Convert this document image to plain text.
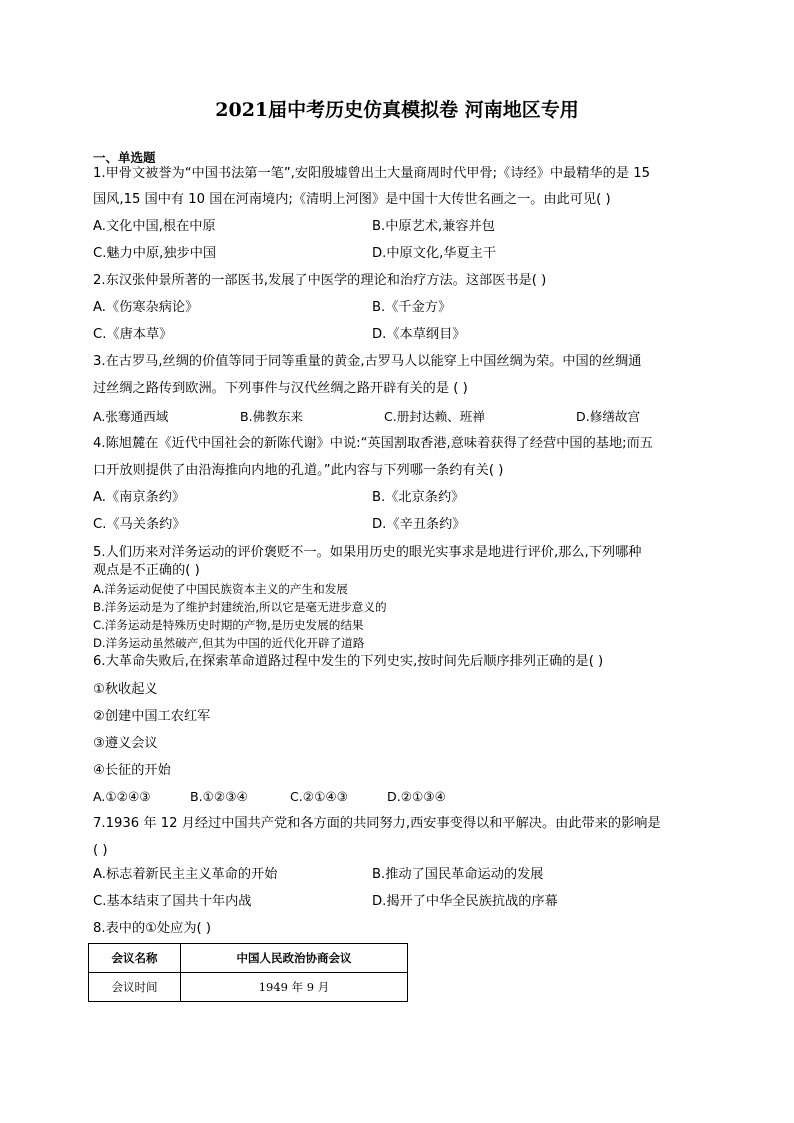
2021届中考历史仿真模拟卷 河南地区专用
一、单选题
1.甲骨文被誉为“中国书法第一笔”,安阳殷墟曾出土大量商周时代甲骨;《诗经》中最精华的是 15
国风,15 国中有 10 国在河南境内;《清明上河图》是中国十大传世名画之一。由此可见( )
A.文化中国,根在中原	B.中原艺术,兼容并包
C.魅力中原,独步中国	D.中原文化,华夏主干
2.东汉张仲景所著的一部医书,发展了中医学的理论和治疗方法。这部医书是( )
A.《伤寒杂病论》	B.《千金方》
C.《唐本草》	D.《本草纲目》
3.在古罗马,丝绸的价值等同于同等重量的黄金,古罗马人以能穿上中国丝绸为荣。中国的丝绸通
过丝绸之路传到欧洲。下列事件与汉代丝绸之路开辟有关的是 ( )
A.张骞通西域	B.佛教东来	C.册封达赖、班禅	D.修缮故宫
4.陈旭麓在《近代中国社会的新陈代谢》中说:“英国割取香港,意味着获得了经营中国的基地;而五
口开放则提供了由沿海推向内地的孔道。”此内容与下列哪一条约有关( )
A.《南京条约》	B.《北京条约》
C.《马关条约》	D.《辛丑条约》
5.人们历来对洋务运动的评价褒贬不一。如果用历史的眼光实事求是地进行评价,那么,下列哪种
观点是不正确的( )
A.洋务运动促使了中国民族资本主义的产生和发展
B.洋务运动是为了维护封建统治,所以它是毫无进步意义的
C.洋务运动是特殊历史时期的产物,是历史发展的结果
D.洋务运动虽然破产,但其为中国的近代化开辟了道路
6.大革命失败后,在探索革命道路过程中发生的下列史实,按时间先后顺序排列正确的是( )
①秋收起义
②创建中国工农红军
③遵义会议
④长征的开始
A.①②④③	B.①②③④	C.②①④③	D.②①③④
7.1936 年 12 月经过中国共产党和各方面的共同努力,西安事变得以和平解决。由此带来的影响是
( )
A.标志着新民主主义革命的开始	B.推动了国民革命运动的发展
C.基本结束了国共十年内战	D.揭开了中华全民族抗战的序幕
8.表中的①处应为( )
会议名称	中国人民政治协商会议
会议时间	1949 年 9 月
